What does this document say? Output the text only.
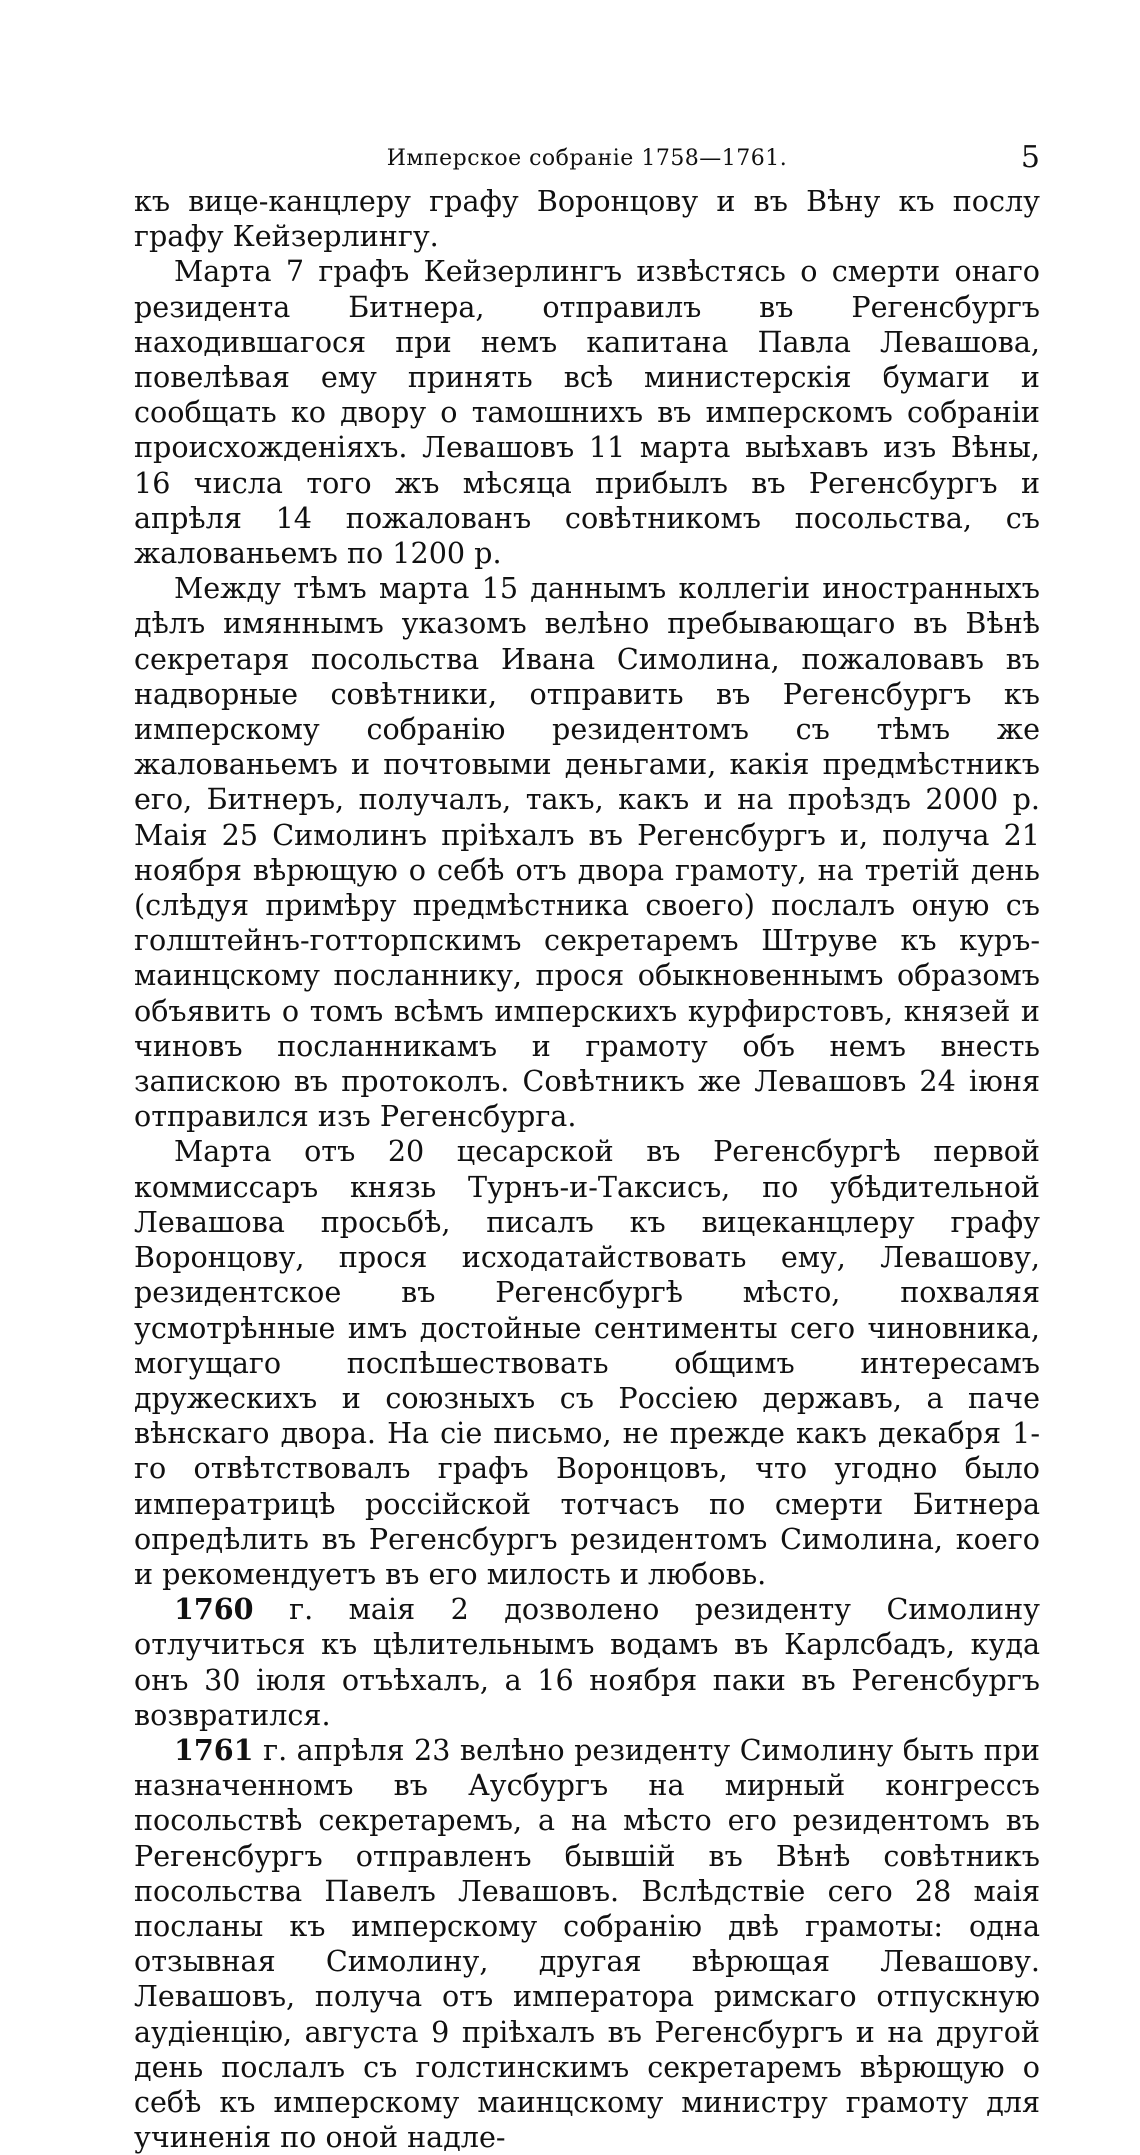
Имперское собраніе 1758—1761.	5

къ вице-канцлеру графу Воронцову и въ Вѣну къ послу графу Кейзерлингу.

Марта 7 графъ Кейзерлингъ извѣстясь о смерти онаго резидента Битнера, отправилъ въ Регенсбургъ находившагося при немъ капитана Павла Левашова, повелѣвая ему принять всѣ министерскія бумаги и сообщать ко двору о тамошнихъ въ имперскомъ собраніи происхожденіяхъ. Левашовъ 11 марта выѣхавъ изъ Вѣны, 16 числа того жъ мѣсяца прибылъ въ Регенсбургъ и апрѣля 14 пожалованъ совѣтникомъ посольства, съ жалованьемъ по 1200 р.

Между тѣмъ марта 15 даннымъ коллегіи иностранныхъ дѣлъ имяннымъ указомъ велѣно пребывающаго въ Вѣнѣ секретаря посольства Ивана Симолина, пожаловавъ въ надворные совѣтники, отправить въ Регенсбургъ къ имперскому собранію резидентомъ съ тѣмъ же жалованьемъ и почтовыми деньгами, какія предмѣстникъ его, Битнеръ, получалъ, такъ, какъ и на проѣздъ 2000 р. Маія 25 Симолинъ пріѣхалъ въ Регенсбургъ и, получа 21 ноября вѣрющую о себѣ отъ двора грамоту, на третій день (слѣдуя примѣру предмѣстника своего) послалъ оную съ голштейнъ-готторпскимъ секретаремъ Штруве къ куръ-маинцскому посланнику, прося обыкновеннымъ образомъ объявить о томъ всѣмъ имперскихъ курфирстовъ, князей и чиновъ посланникамъ и грамоту объ немъ внесть запискою въ протоколъ. Совѣтникъ же Левашовъ 24 іюня отправился изъ Регенсбурга.

Марта отъ 20 цесарской въ Регенсбургѣ первой коммиссаръ князь Турнъ-и-Таксисъ, по убѣдительной Левашова просьбѣ, писалъ къ вицеканцлеру графу Воронцову, прося исходатайствовать ему, Левашову, резидентское въ Регенсбургѣ мѣсто, похваляя усмотрѣнные имъ достойные сентименты сего чиновника, могущаго поспѣшествовать общимъ интересамъ дружескихъ и союзныхъ съ Россіею державъ, а паче вѣнскаго двора. На сіе письмо, не прежде какъ декабря 1-го отвѣтствовалъ графъ Воронцовъ, что угодно было императрицѣ россійской тотчасъ по смерти Битнера опредѣлить въ Регенсбургъ резидентомъ Симолина, коего и рекомендуетъ въ его милость и любовь.

1760 г. маія 2 дозволено резиденту Симолину отлучиться къ цѣлительнымъ водамъ въ Карлсбадъ, куда онъ 30 іюля отъѣхалъ, а 16 ноября паки въ Регенсбургъ возвратился.

1761 г. апрѣля 23 велѣно резиденту Симолину быть при назначенномъ въ Аусбургъ на мирный конгрессъ посольствѣ секретаремъ, а на мѣсто его резидентомъ въ Регенсбургъ отправленъ бывшій въ Вѣнѣ совѣтникъ посольства Павелъ Левашовъ. Вслѣдствіе сего 28 маія посланы къ имперскому собранію двѣ грамоты: одна отзывная Симолину, другая вѣрющая Левашову. Левашовъ, получа отъ императора римскаго отпускную аудіенцію, августа 9 пріѣхалъ въ Регенсбургъ и на другой день послалъ съ голстинскимъ секретаремъ вѣрющую о себѣ къ имперскому маинцскому министру грамоту для учиненія по оной надле-
